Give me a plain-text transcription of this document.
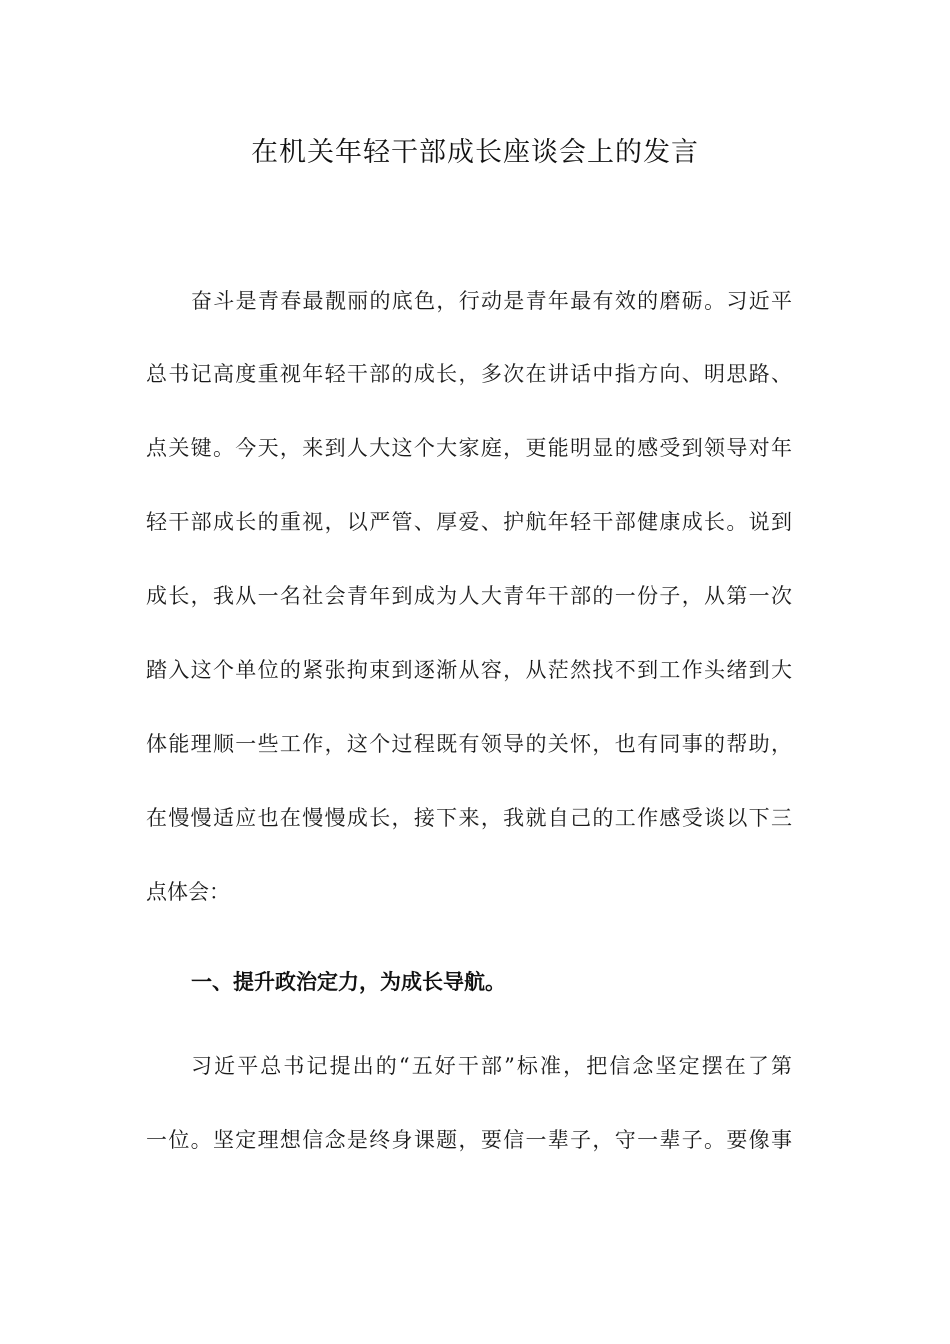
在机关年轻干部成长座谈会上的发言
奋斗是青春最靓丽的底色，行动是青年最有效的磨砺。习近平
总书记高度重视年轻干部的成长，多次在讲话中指方向、明思路、
点关键。今天，来到人大这个大家庭，更能明显的感受到领导对年
轻干部成长的重视，以严管、厚爱、护航年轻干部健康成长。说到
成长，我从一名社会青年到成为人大青年干部的一份子，从第一次
踏入这个单位的紧张拘束到逐渐从容，从茫然找不到工作头绪到大
体能理顺一些工作，这个过程既有领导的关怀，也有同事的帮助，
在慢慢适应也在慢慢成长，接下来，我就自己的工作感受谈以下三
点体会：
一、提升政治定力，为成长导航。
习近平总书记提出的“五好干部”标准，把信念坚定摆在了第
一位。坚定理想信念是终身课题，要信一辈子，守一辈子。要像事
